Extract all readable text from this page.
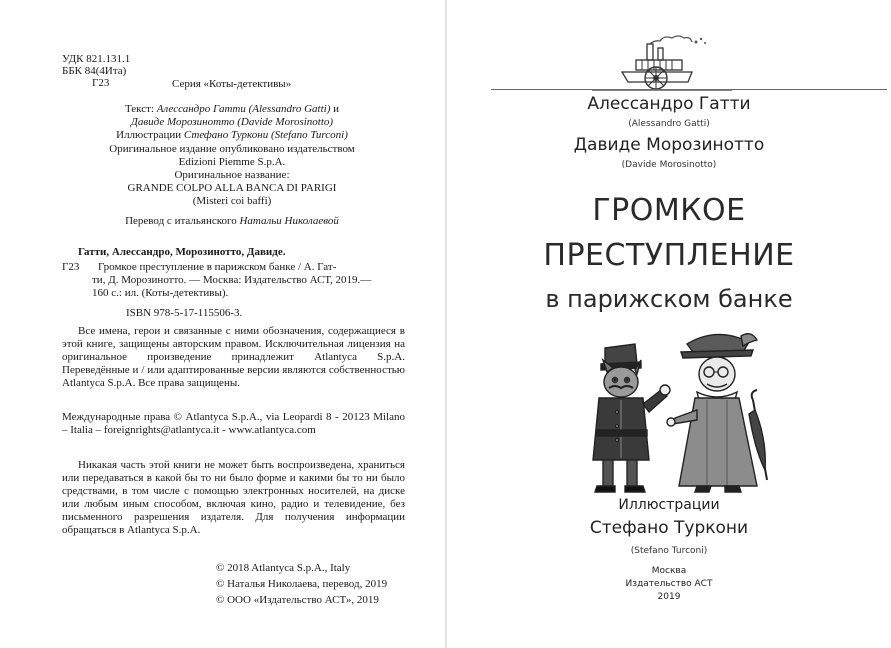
УДК 821.131.1
ББК 84(4Ита)
Г23	Серия «Коты-детективы»
Текст: Алессандро Гатти (Alessandro Gatti) и
Давиде Морозинотто (Davide Morosinotto)
Иллюстрации Стефано Туркони (Stefano Turconi)
Оригинальное издание опубликовано издательством
Edizioni Piemme S.p.A.
Оригинальное название:
GRANDE COLPO ALLA BANCA DI PARIGI
(Misteri coi baffi)
Перевод с итальянского Натальи Николаевой
Гатти, Алессандро, Морозинотто, Давиде.
Г23 Громкое преступление в парижском банке / А. Гат-
ти, Д. Морозинотто. — Москва: Издательство АСТ, 2019.—
160 с.: ил. (Коты-детективы).
ISBN 978-5-17-115506-3.
Все имена, герои и связанные с ними обозначения, содержащиеся в этой книге, защищены авторским правом. Исключительная лицензия на оригинальное произведение принадлежит Atlantyca S.p.A. Переведённые и / или адаптированные версии являются собственностью Atlantyca S.p.A. Все права защищены.
Международные права © Atlantyca S.p.A., via Leopardi 8 - 20123 Milano – Italia – foreignrights@atlantyca.it - www.atlantyca.com
Никакая часть этой книги не может быть воспроизведена, храниться или передаваться в какой бы то ни было форме и какими бы то ни было средствами, в том числе с помощью электронных носителей, на диске или любым иным способом, включая кино, радио и телевидение, без письменного разрешения издателя. Для получения информации обращаться в Atlantyca S.p.A.
© 2018 Atlantyca S.p.A., Italy
© Наталья Николаева, перевод, 2019
© ООО «Издательство АСТ», 2019
Алессандро Гатти
(Alessandro Gatti)
Давиде Морозинотто
(Davide Morosinotto)
ГРОМКОЕ
ПРЕСТУПЛЕНИЕ
в парижском банке
Иллюстрации
Стефано Туркони
(Stefano Turconi)
Москва
Издательство АСТ
2019
